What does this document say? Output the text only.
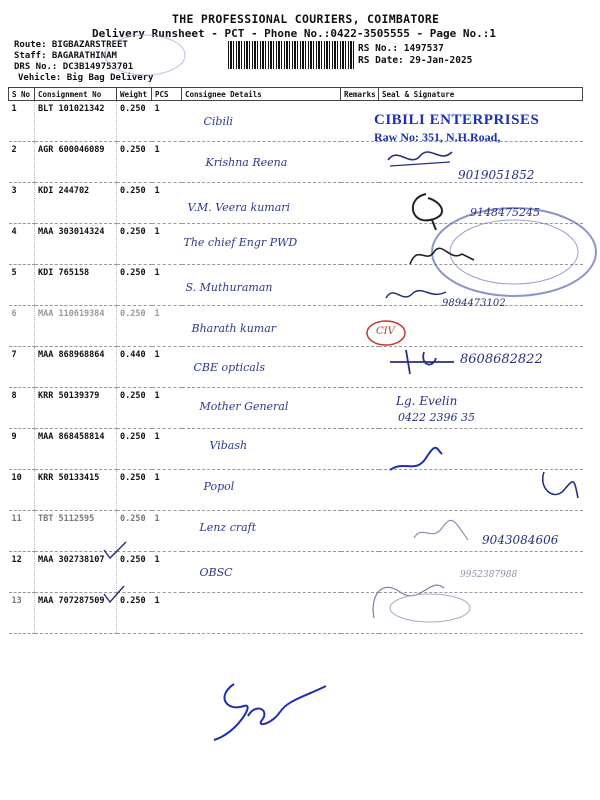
THE PROFESSIONAL COURIERS, COIMBATORE
Delivery Runsheet - PCT - Phone No.:0422-3505555 - Page No.:1
Route: BIGBAZARSTREET
Staff: BAGARATHINAM
DRS No.: DC3B149753701
Vehicle: Big Bag Delivery
RS No.: 1497537
RS Date: 29-Jan-2025
S No	Consignment No	Weight	PCS	Consignee Details	Remarks	Seal & Signature
1	BLT 101021342	0.250	1	Cibili		

2	AGR 600046089	0.250	1	Krishna Reena		

3	KDI 244702	0.250	1	V.M. Veera kumari		

4	MAA 303014324	0.250	1	The chief Engr PWD		

5	KDI 765158	0.250	1	S. Muthuraman		

6	MAA 110619384	0.250	1	Bharath kumar		

7	MAA 868968864	0.440	1	CBE opticals		

8	KRR 50139379	0.250	1	Mother General		

9	MAA 868458814	0.250	1	Vibash		

10	KRR 50133415	0.250	1	Popol		

11	TBT 5112595	0.250	1	Lenz craft		

12	MAA 302738107	0.250	1	OBSC		

13	MAA 707287509	0.250	1	

CIBILI ENTERPRISES
Raw No: 351, N.H.Road,
CIV
9019051852
9148475245
9894473102
8608682822
Lg. Evelin
0422 2396 35
9043084606
9952387988
